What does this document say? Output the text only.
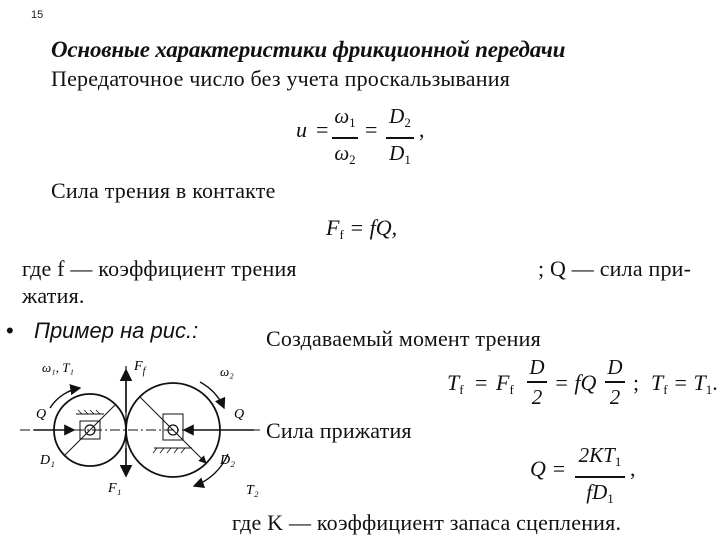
15
Основные характеристики фрикционной передачи
Передаточное число без учета проскальзывания
u =
$\omega_1$
$\omega_2$
=
$D_2$
$D_1$
,
Сила трения в контакте
$F_f$ = fQ,
где f — коэффициент трения	; Q — сила при-
жатия.
• Пример на рис.:	Создаваемый момент трения
$T_f = F_f$
D
2
= fQ
D
2
; $T_f = T_1$.
Сила прижатия
Q =
$2KT_1$
$fD_1$
,
где K — коэффициент запаса сцепления.
ω₁, T₁	$F_f$	ω₂
Q	Q
D₁	D₂
F₁	T₂
